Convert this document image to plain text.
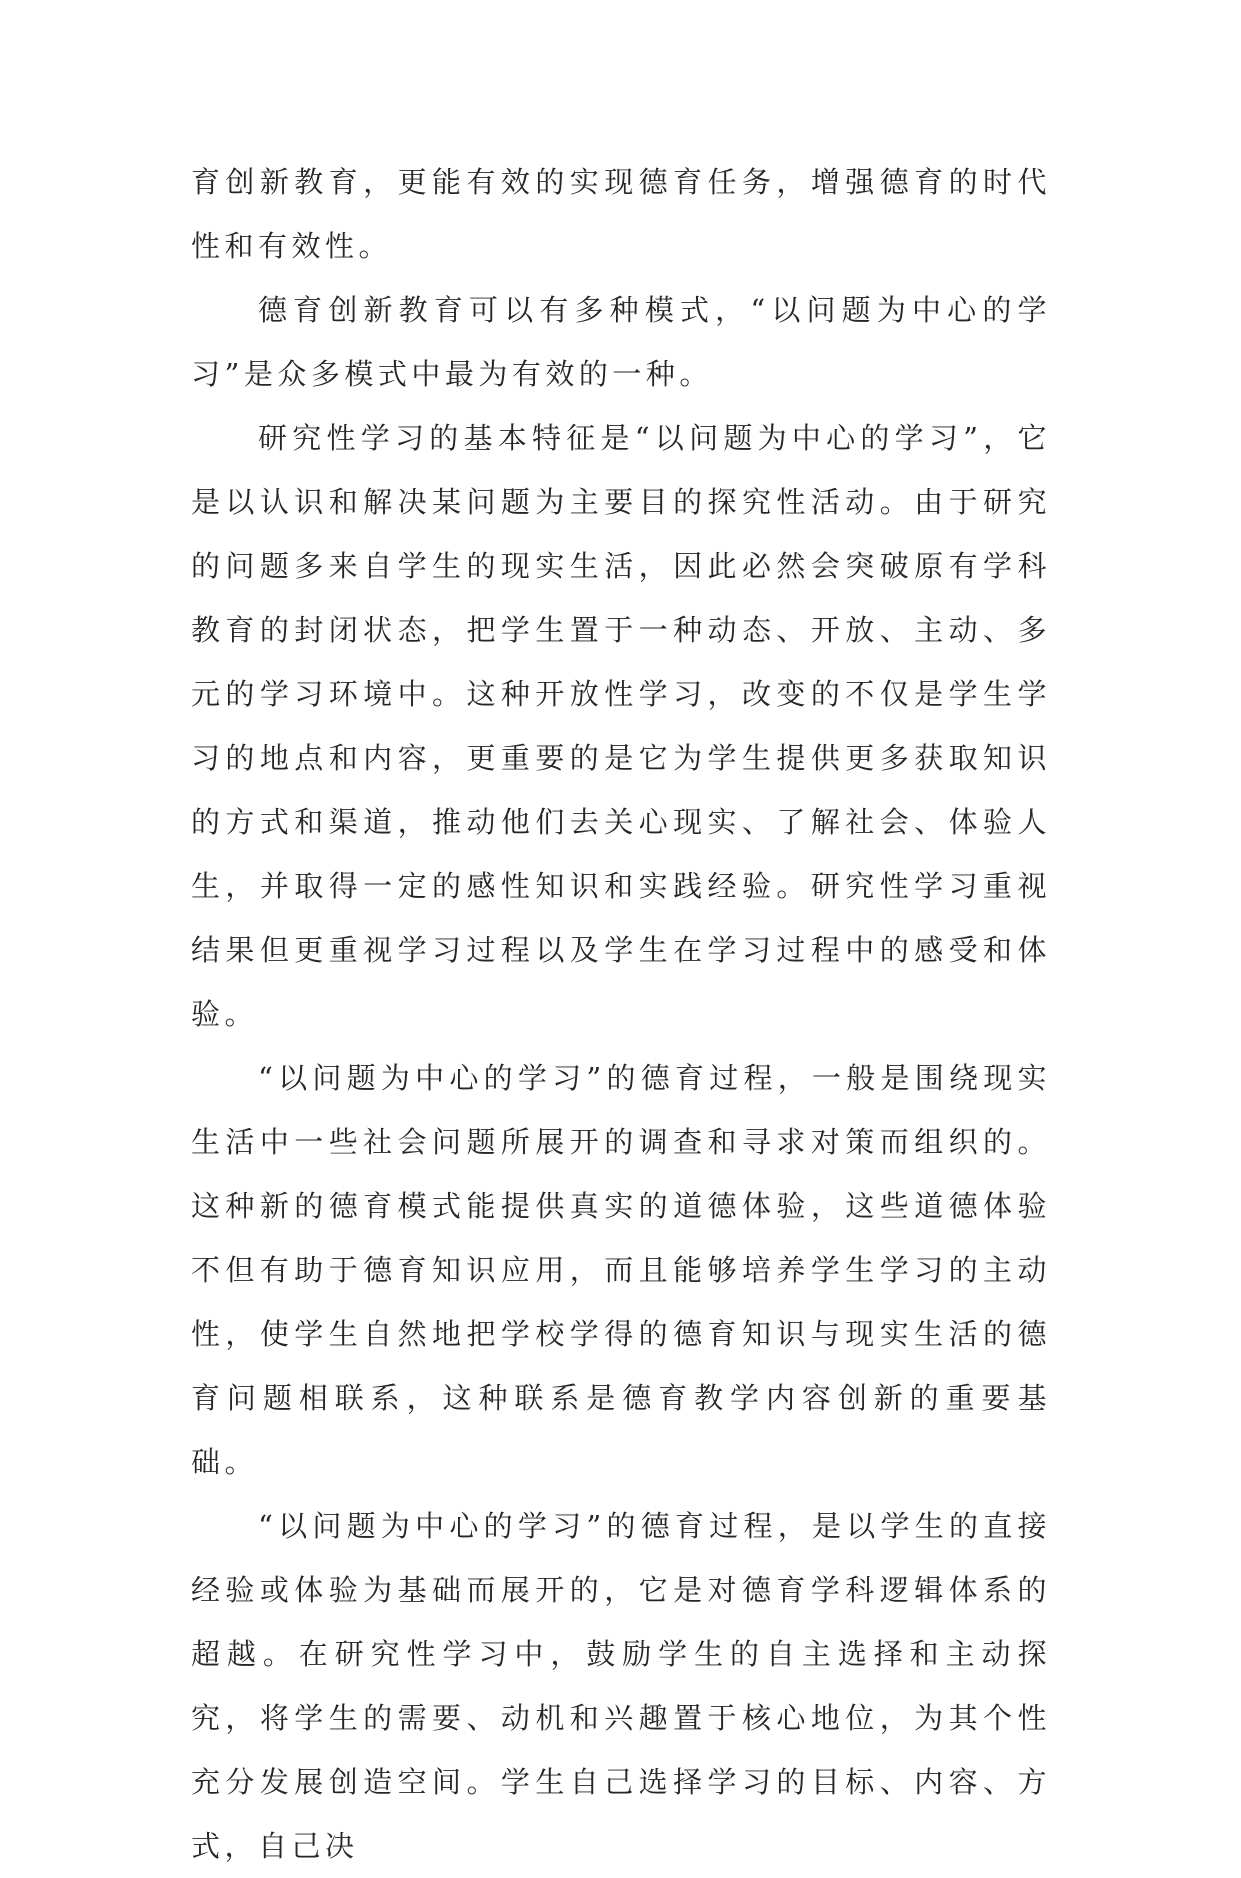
育创新教育，更能有效的实现德育任务，增强德育的时代性和有效性。

德育创新教育可以有多种模式，“以问题为中心的学习”是众多模式中最为有效的一种。

研究性学习的基本特征是“以问题为中心的学习”，它是以认识和解决某问题为主要目的探究性活动。由于研究的问题多来自学生的现实生活，因此必然会突破原有学科教育的封闭状态，把学生置于一种动态、开放、主动、多元的学习环境中。这种开放性学习，改变的不仅是学生学习的地点和内容，更重要的是它为学生提供更多获取知识的方式和渠道，推动他们去关心现实、了解社会、体验人生，并取得一定的感性知识和实践经验。研究性学习重视结果但更重视学习过程以及学生在学习过程中的感受和体验。

“以问题为中心的学习”的德育过程，一般是围绕现实生活中一些社会问题所展开的调查和寻求对策而组织的。这种新的德育模式能提供真实的道德体验，这些道德体验不但有助于德育知识应用，而且能够培养学生学习的主动性，使学生自然地把学校学得的德育知识与现实生活的德育问题相联系，这种联系是德育教学内容创新的重要基础。

“以问题为中心的学习”的德育过程，是以学生的直接经验或体验为基础而展开的，它是对德育学科逻辑体系的超越。在研究性学习中，鼓励学生的自主选择和主动探究，将学生的需要、动机和兴趣置于核心地位，为其个性充分发展创造空间。学生自己选择学习的目标、内容、方式，自己决
